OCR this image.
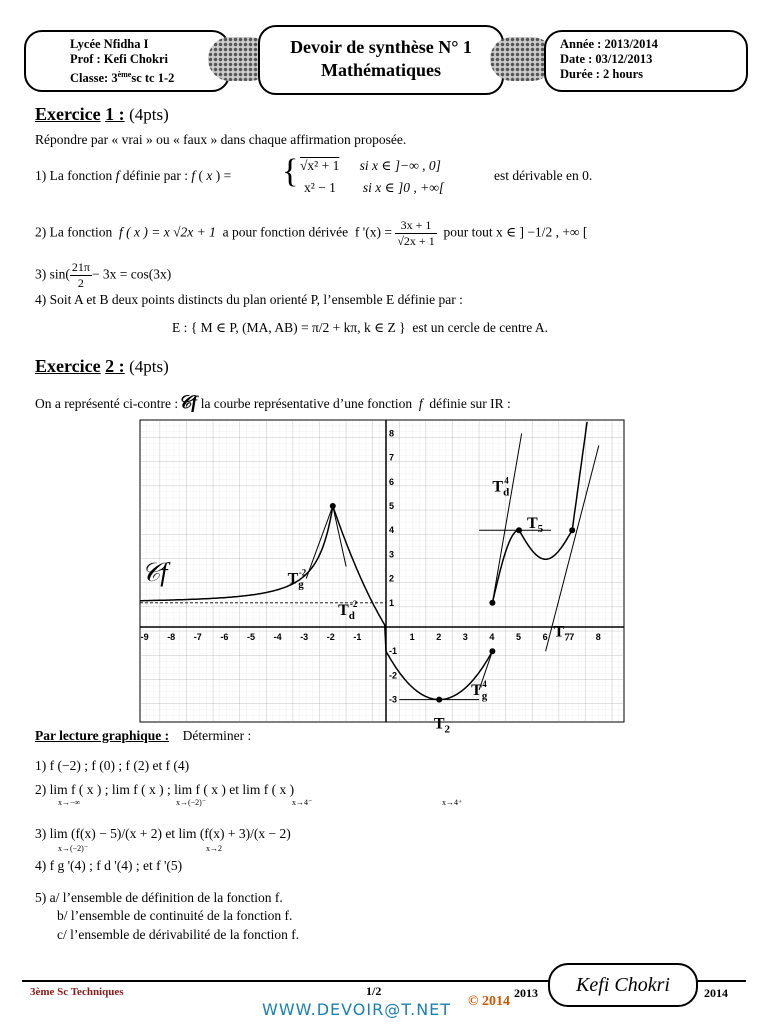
Lycée Nfidha I
Prof : Kefi Chokri
Classe: 3èmesc tc 1-2
Devoir de synthèse N° 1
Mathématiques
Année : 2013/2014
Date : 03/12/2013
Durée : 2 hours
Exercice 1 : (4pts)
Répondre par « vrai » ou « faux » dans chaque affirmation proposée.
1) La fonction f définie par : f ( x ) = { √x² + 1 si x ∈ ]−∞ , 0]
x² − 1 si x ∈ ]0 , +∞[
est dérivable en 0.
2) La fonction f ( x ) = x √2x + 1 a pour fonction dérivée f '$(x) = \frac{3x + 1}{√2x + 1}$ pour tout x ∈ ] −1/2 , +∞ [
3) $\sin( \frac{21\pi}{2} - 3x = \cos(3x)$
4) Soit A et B deux points distincts du plan orienté P, l’ensemble E définie par :
E : { M ∈ P, (MA, AB) = π/2 + kπ, k ∈ Z } est un cercle de centre A.
Exercice 2 : (4pts)
On a représenté ci-contre :𝒞f la courbe représentative d’une fonction f définie sur IR :
-9 -8 -7 -6 -5 -4 -3 -2 -1	1 2 3 4 5 6 7 8
8
7
6
5
4
3
2
1
-1
-2
-3
$T_g-2$
$T_d-2$
$T_2$
$T_g4$
$T_d4$
$T_5$
$T_7$
𝒞f
Par lecture graphique : Déterminer :
1) f (−2) ; f (0) ; f (2) et f (4)
2) lim f ( x ) ; lim f ( x ) ; lim f ( x ) et lim f ( x )
x→−∞	x→(−2)⁻	x→4⁻	x→4⁺
3) lim (f(x) − 5)/(x + 2) et lim (f(x) + 3)/(x − 2)
x→(−2)⁻	x→2
4) f g '(4) ; f d '(4) ; et f '(5)
5) a/ l’ensemble de définition de la fonction f.
b/ l’ensemble de continuité de la fonction f.
c/ l’ensemble de dérivabilité de la fonction f.
3ème Sc Techniques	1/2	2013	Kefi Chokri	2014
WWW.DEVOIR@T.NET © 2014
